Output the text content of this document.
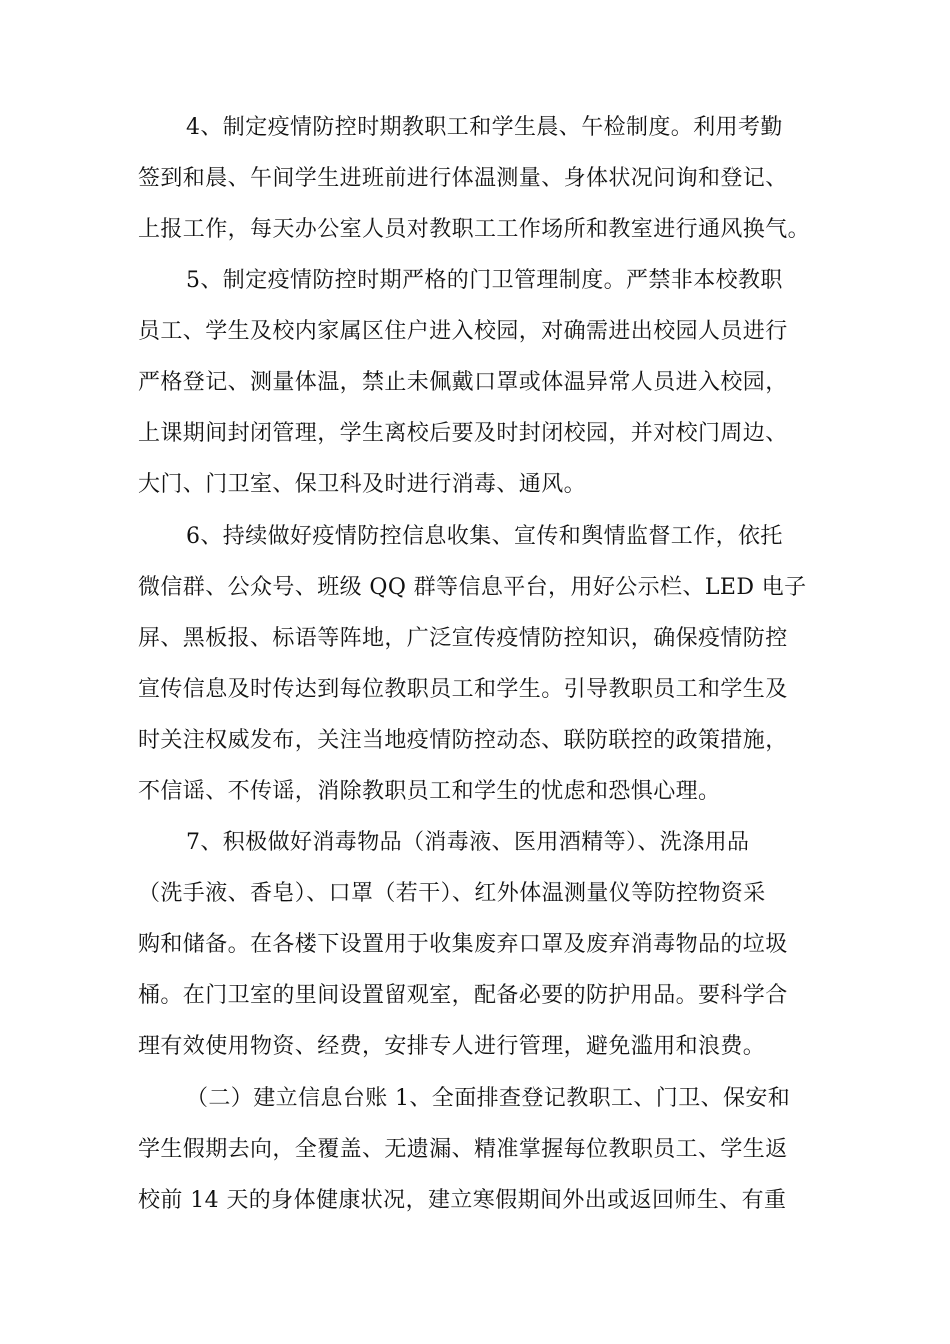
4、制定疫情防控时期教职工和学生晨、午检制度。利用考勤
签到和晨、午间学生进班前进行体温测量、身体状况问询和登记、
上报工作，每天办公室人员对教职工工作场所和教室进行通风换气。
5、制定疫情防控时期严格的门卫管理制度。严禁非本校教职
员工、学生及校内家属区住户进入校园，对确需进出校园人员进行
严格登记、测量体温，禁止未佩戴口罩或体温异常人员进入校园，
上课期间封闭管理，学生离校后要及时封闭校园，并对校门周边、
大门、门卫室、保卫科及时进行消毒、通风。
6、持续做好疫情防控信息收集、宣传和舆情监督工作，依托
微信群、公众号、班级 QQ 群等信息平台，用好公示栏、LED 电子
屏、黑板报、标语等阵地，广泛宣传疫情防控知识，确保疫情防控
宣传信息及时传达到每位教职员工和学生。引导教职员工和学生及
时关注权威发布，关注当地疫情防控动态、联防联控的政策措施，
不信谣、不传谣，消除教职员工和学生的忧虑和恐惧心理。
7、积极做好消毒物品（消毒液、医用酒精等）、洗涤用品
（洗手液、香皂）、口罩（若干）、红外体温测量仪等防控物资采
购和储备。在各楼下设置用于收集废弃口罩及废弃消毒物品的垃圾
桶。在门卫室的里间设置留观室，配备必要的防护用品。要科学合
理有效使用物资、经费，安排专人进行管理，避免滥用和浪费。
（二）建立信息台账 1、全面排查登记教职工、门卫、保安和
学生假期去向，全覆盖、无遗漏、精准掌握每位教职员工、学生返
校前 14 天的身体健康状况，建立寒假期间外出或返回师生、有重
